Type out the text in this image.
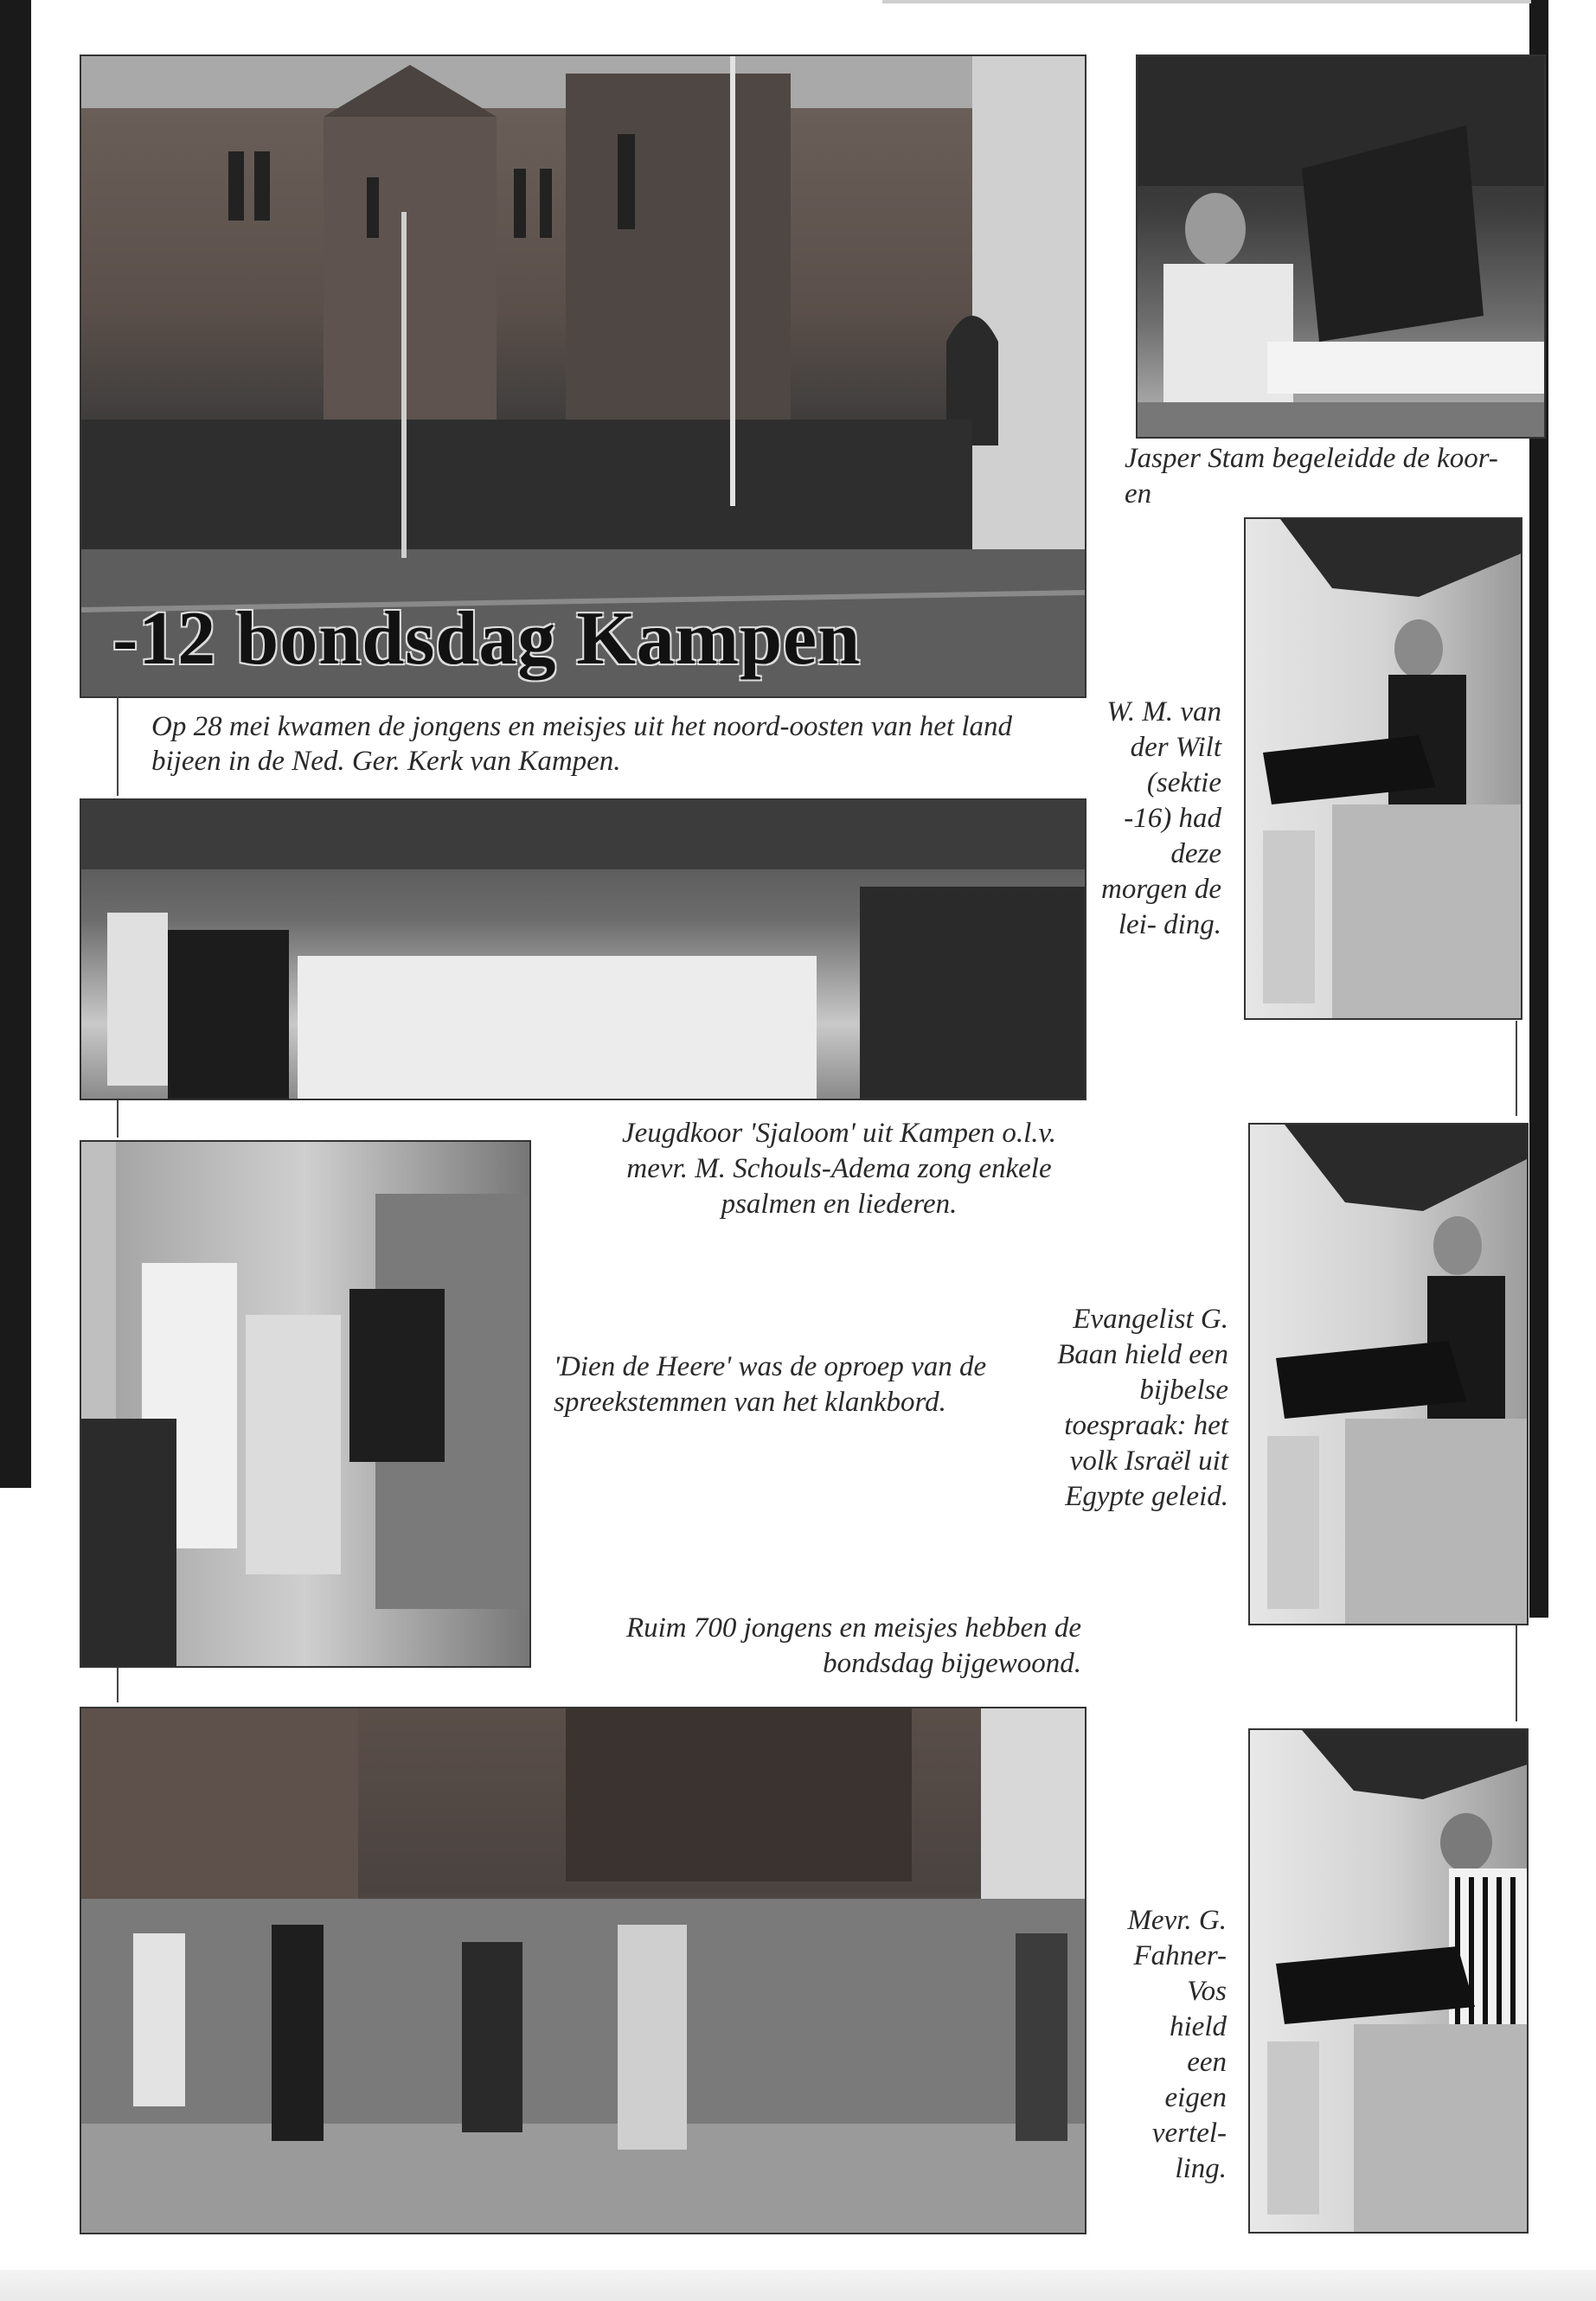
-12 bondsdag Kampen
Jasper Stam begeleidde de koor- en
Op 28 mei kwamen de jongens en meisjes uit het noord-oosten van het land bijeen in de Ned. Ger. Kerk van Kampen.
W. M. van der Wilt (sektie -16) had deze morgen de lei- ding.
Jeugdkoor 'Sjaloom' uit Kampen o.l.v. mevr. M. Schouls-Adema zong enkele psalmen en liederen.
'Dien de Heere' was de oproep van de spreekstemmen van het klankbord.
Evangelist G. Baan hield een bijbelse toespraak: het volk Israël uit Egypte geleid.
Ruim 700 jongens en meisjes hebben de bondsdag bijgewoond.
Mevr. G. Fahner- Vos hield een eigen vertel- ling.
